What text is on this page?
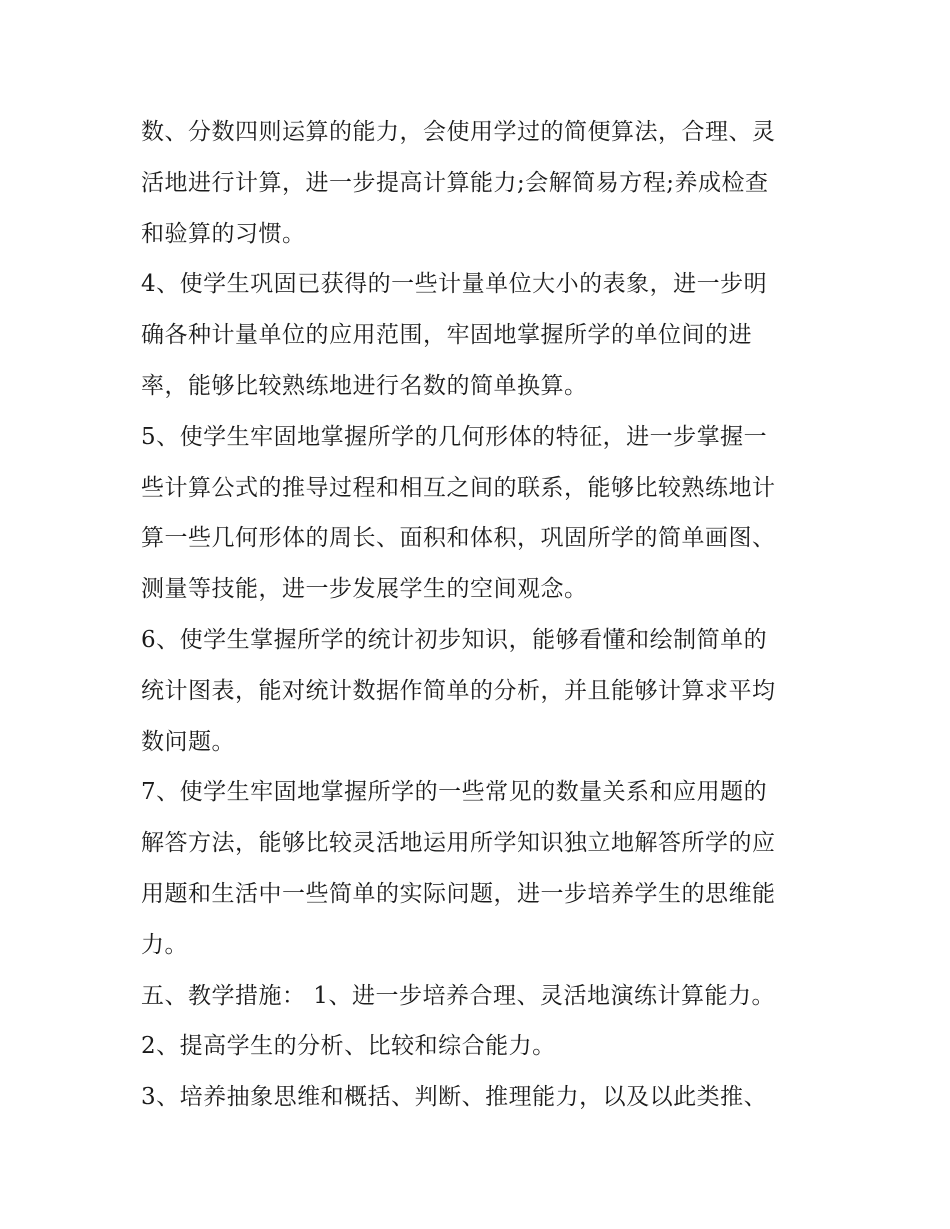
数、分数四则运算的能力，会使用学过的简便算法，合理、灵
活地进行计算，进一步提高计算能力;会解简易方程;养成检查
和验算的习惯。
4、使学生巩固已获得的一些计量单位大小的表象，进一步明
确各种计量单位的应用范围，牢固地掌握所学的单位间的进
率，能够比较熟练地进行名数的简单换算。
5、使学生牢固地掌握所学的几何形体的特征，进一步掌握一
些计算公式的推导过程和相互之间的联系，能够比较熟练地计
算一些几何形体的周长、面积和体积，巩固所学的简单画图、
测量等技能，进一步发展学生的空间观念。
6、使学生掌握所学的统计初步知识，能够看懂和绘制简单的
统计图表，能对统计数据作简单的分析，并且能够计算求平均
数问题。
7、使学生牢固地掌握所学的一些常见的数量关系和应用题的
解答方法，能够比较灵活地运用所学知识独立地解答所学的应
用题和生活中一些简单的实际问题，进一步培养学生的思维能
力。
五、教学措施： 1、进一步培养合理、灵活地演练计算能力。
2、提高学生的分析、比较和综合能力。
3、培养抽象思维和概括、判断、推理能力，以及以此类推、
